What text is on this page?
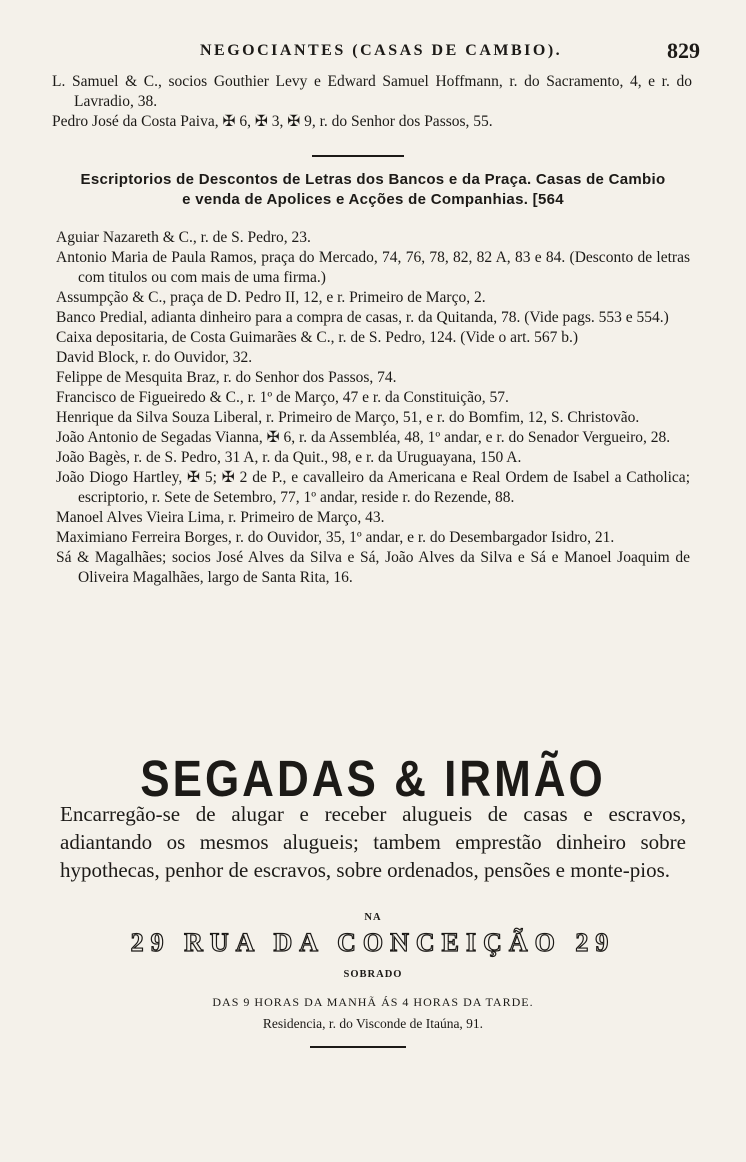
NEGOCIANTES (CASAS DE CAMBIO).	829
L. Samuel & C., socios Gouthier Levy e Edward Samuel Hoffmann, r. do Sacramento, 4, e r. do Lavradio, 38.
Pedro José da Costa Paiva, ✠ 6, ✠ 3, ✠ 9, r. do Senhor dos Passos, 55.
Escriptorios de Descontos de Letras dos Bancos e da Praça. Casas de Cambio
e venda de Apolices e Acções de Companhias. [564
Aguiar Nazareth & C., r. de S. Pedro, 23.
Antonio Maria de Paula Ramos, praça do Mercado, 74, 76, 78, 82, 82 A, 83 e 84. (Desconto de letras com titulos ou com mais de uma firma.)
Assumpção & C., praça de D. Pedro II, 12, e r. Primeiro de Março, 2.
Banco Predial, adianta dinheiro para a compra de casas, r. da Quitanda, 78. (Vide pags. 553 e 554.)
Caixa depositaria, de Costa Guimarães & C., r. de S. Pedro, 124. (Vide o art. 567 b.)
David Block, r. do Ouvidor, 32.
Felippe de Mesquita Braz, r. do Senhor dos Passos, 74.
Francisco de Figueiredo & C., r. 1º de Março, 47 e r. da Constituição, 57.
Henrique da Silva Souza Liberal, r. Primeiro de Março, 51, e r. do Bomfim, 12, S. Christovão.
João Antonio de Segadas Vianna, ✠ 6, r. da Assembléa, 48, 1º andar, e r. do Senador Vergueiro, 28.
João Bagès, r. de S. Pedro, 31 A, r. da Quit., 98, e r. da Uruguayana, 150 A.
João Diogo Hartley, ✠ 5; ✠ 2 de P., e cavalleiro da Americana e Real Ordem de Isabel a Catholica; escriptorio, r. Sete de Setembro, 77, 1º andar, reside r. do Rezende, 88.
Manoel Alves Vieira Lima, r. Primeiro de Março, 43.
Maximiano Ferreira Borges, r. do Ouvidor, 35, 1º andar, e r. do Desembargador Isidro, 21.
Sá & Magalhães; socios José Alves da Silva e Sá, João Alves da Silva e Sá e Manoel Joaquim de Oliveira Magalhães, largo de Santa Rita, 16.
SEGADAS & IRMÃO
Encarregão-se de alugar e receber alugueis de casas e escravos, adiantando os mesmos alugueis; tambem emprestão dinheiro sobre hypothecas, penhor de escravos, sobre ordenados, pensões e monte-pios.
NA
29 RUA DA CONCEIÇÃO 29
SOBRADO
DAS 9 HORAS DA MANHÃ ÁS 4 HORAS DA TARDE.
Residencia, r. do Visconde de Itaúna, 91.
